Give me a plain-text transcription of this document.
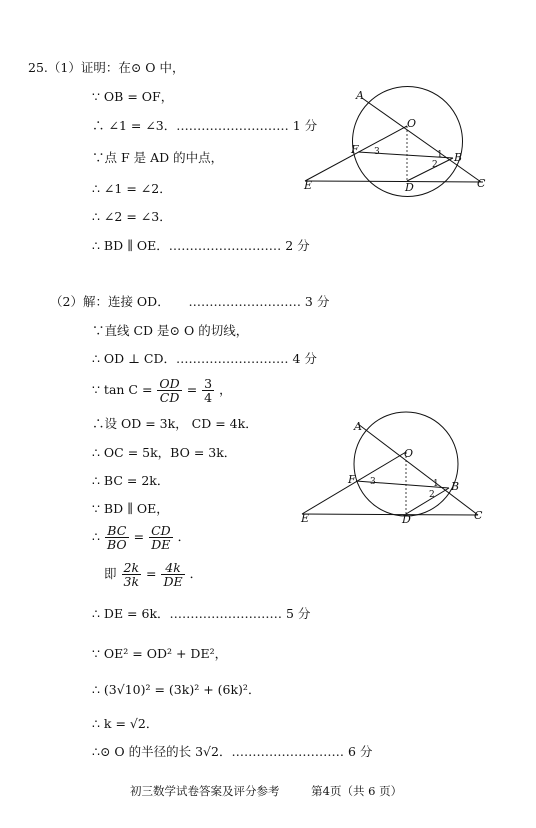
25.（1）证明：在⊙ O 中，
∵ OB = OF，
∴ ∠1 = ∠3．……………………… 1 分
∵点 F 是 AD 的中点，
∴ ∠1 = ∠2．
∴ ∠2 = ∠3．
∴ BD ∥ OE．……………………… 2 分
A
O
F
B
E	D	C
3	1
2
（2）解：连接 OD．　　……………………… 3 分
∵直线 CD 是⊙ O 的切线，
∴ OD ⊥ CD．……………………… 4 分
∵ $\tan C = \frac{OD}{CD} = \frac{3}{4}$ ，
∴设 OD = 3k， CD = 4k．
∴ OC = 5k，BO = 3k．
∴ BC = 2k．
∵ BD ∥ OE，
∴ $\frac{BC}{BO} = \frac{CD}{DE}$ ．
即 $\frac{2k}{3k} = \frac{4k}{DE}$ ．
∴ DE = 6k．……………………… 5 分
∵ OE² = OD² + DE²，
∴ (3√10)² = (3k)² + (6k)²．
∴ k = √2．
∴⊙ O 的半径的长 3√2．……………………… 6 分
A
O
F
B
E	D	C
3	1
2
初三数学试卷答案及评分参考	第4页（共 6 页）
